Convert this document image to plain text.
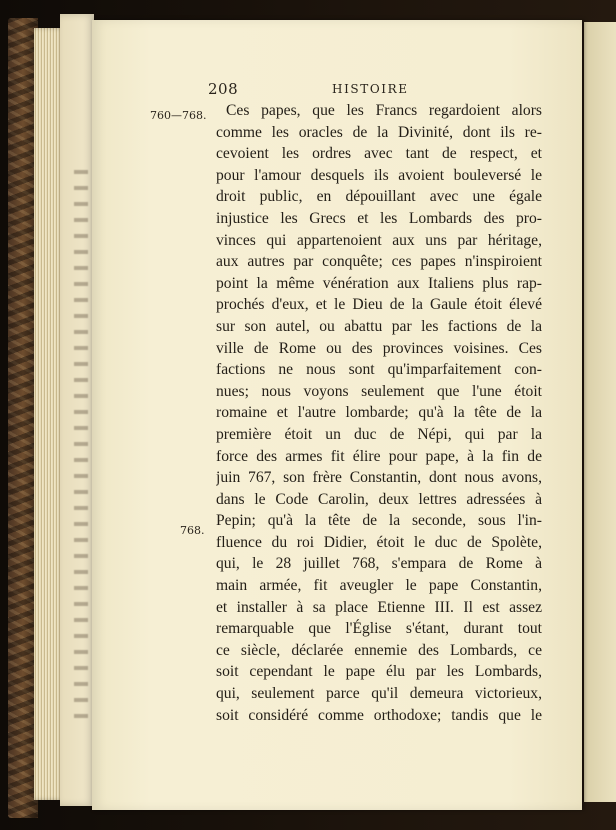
208	HISTOIRE
760—768.
768.
Ces papes, que les Francs regardoient alors
comme les oracles de la Divinité, dont ils re-
cevoient les ordres avec tant de respect, et
pour l'amour desquels ils avoient bouleversé le
droit public, en dépouillant avec une égale
injustice les Grecs et les Lombards des pro-
vinces qui appartenoient aux uns par héritage,
aux autres par conquête; ces papes n'inspiroient
point la même vénération aux Italiens plus rap-
prochés d'eux, et le Dieu de la Gaule étoit élevé
sur son autel, ou abattu par les factions de la
ville de Rome ou des provinces voisines. Ces
factions ne nous sont qu'imparfaitement con-
nues; nous voyons seulement que l'une étoit
romaine et l'autre lombarde; qu'à la tête de la
première étoit un duc de Népi, qui par la
force des armes fit élire pour pape, à la fin de
juin 767, son frère Constantin, dont nous avons,
dans le Code Carolin, deux lettres adressées à
Pepin; qu'à la tête de la seconde, sous l'in-
fluence du roi Didier, étoit le duc de Spolète,
qui, le 28 juillet 768, s'empara de Rome à
main armée, fit aveugler le pape Constantin,
et installer à sa place Etienne III. Il est assez
remarquable que l'Église s'étant, durant tout
ce siècle, déclarée ennemie des Lombards, ce
soit cependant le pape élu par les Lombards,
qui, seulement parce qu'il demeura victorieux,
soit considéré comme orthodoxe; tandis que le
